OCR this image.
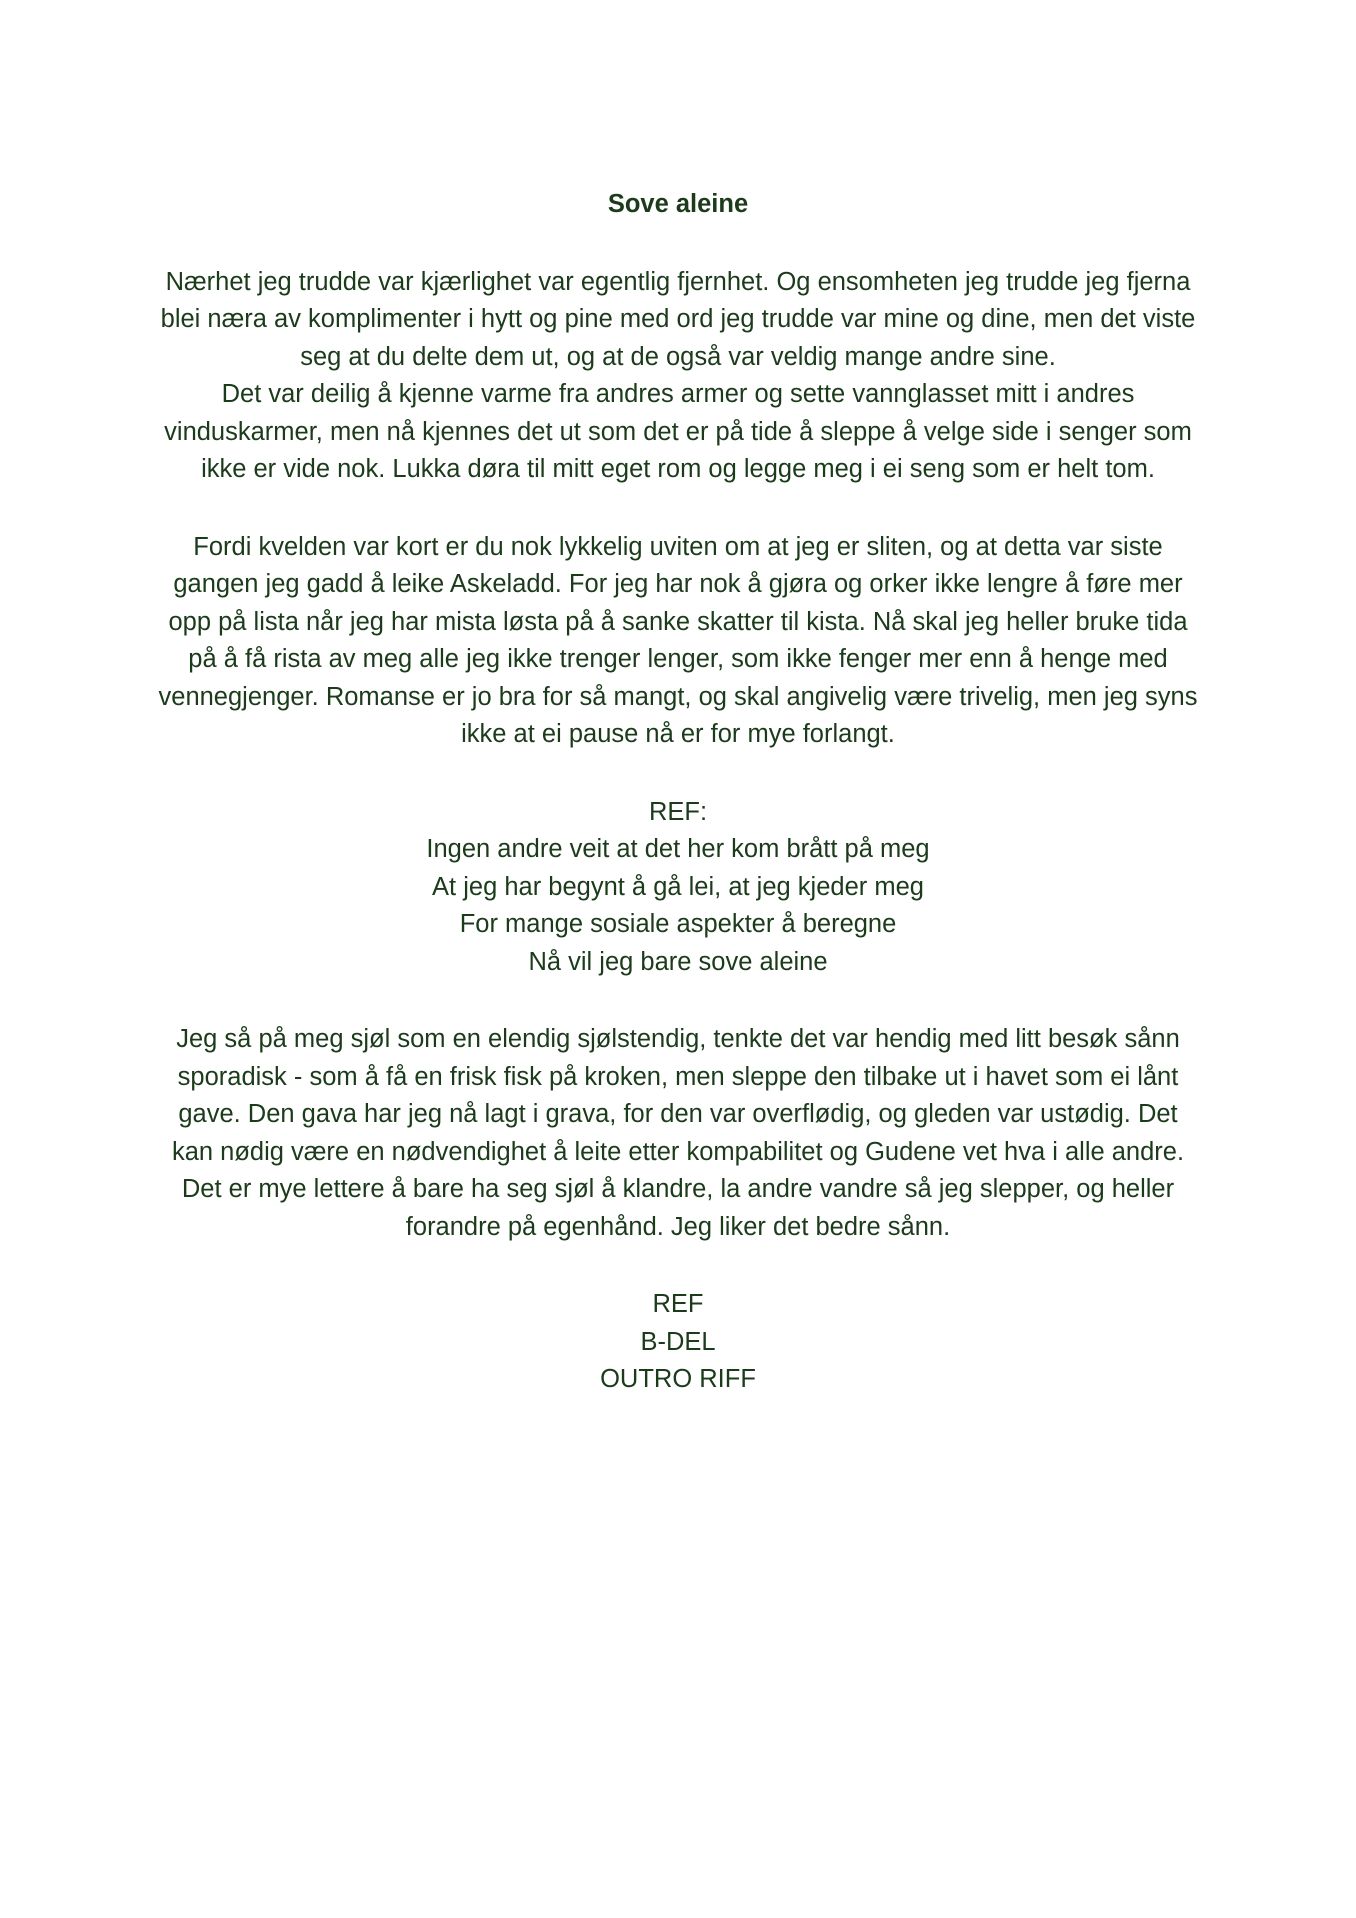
Sove aleine

Nærhet jeg trudde var kjærlighet var egentlig fjernhet. Og ensomheten jeg trudde jeg fjerna

blei næra av komplimenter i hytt og pine med ord jeg trudde var mine og dine, men det viste

seg at du delte dem ut, og at de også var veldig mange andre sine.

Det var deilig å kjenne varme fra andres armer og sette vannglasset mitt i andres

vinduskarmer, men nå kjennes det ut som det er på tide å sleppe å velge side i senger som

ikke er vide nok. Lukka døra til mitt eget rom og legge meg i ei seng som er helt tom.

Fordi kvelden var kort er du nok lykkelig uviten om at jeg er sliten, og at detta var siste

gangen jeg gadd å leike Askeladd. For jeg har nok å gjøra og orker ikke lengre å føre mer

opp på lista når jeg har mista løsta på å sanke skatter til kista. Nå skal jeg heller bruke tida

på å få rista av meg alle jeg ikke trenger lenger, som ikke fenger mer enn å henge med

vennegjenger. Romanse er jo bra for så mangt, og skal angivelig være trivelig, men jeg syns

ikke at ei pause nå er for mye forlangt.

REF:

Ingen andre veit at det her kom brått på meg

At jeg har begynt å gå lei, at jeg kjeder meg

For mange sosiale aspekter å beregne

Nå vil jeg bare sove aleine

Jeg så på meg sjøl som en elendig sjølstendig, tenkte det var hendig med litt besøk sånn

sporadisk - som å få en frisk fisk på kroken, men sleppe den tilbake ut i havet som ei lånt

gave. Den gava har jeg nå lagt i grava, for den var overflødig, og gleden var ustødig. Det

kan nødig være en nødvendighet å leite etter kompabilitet og Gudene vet hva i alle andre.

Det er mye lettere å bare ha seg sjøl å klandre, la andre vandre så jeg slepper, og heller

forandre på egenhånd. Jeg liker det bedre sånn.

REF

B-DEL

OUTRO RIFF
